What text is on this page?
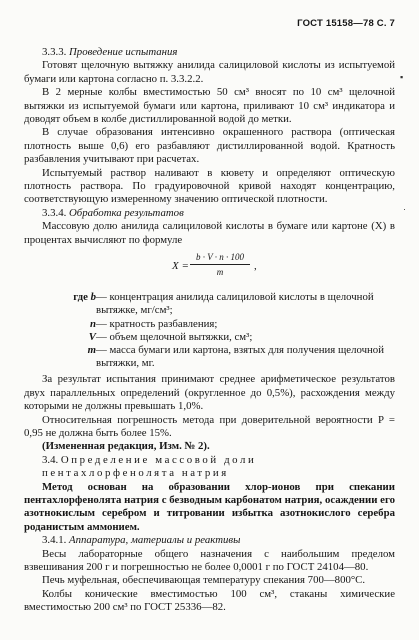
ГОСТ 15158—78 С. 7
3.3.3. Проведение испытания

Готовят щелочную вытяжку анилида салициловой кислоты из испытуемой бумаги или картона согласно п. 3.3.2.2.

В 2 мерные колбы вместимостью 50 см³ вносят по 10 см³ щелочной вытяжки из испытуемой бумаги или картона, приливают 10 см³ индикатора и доводят объем в колбе дистиллированной водой до метки.

В случае образования интенсивно окрашенного раствора (оптическая плотность выше 0,6) его разбавляют дистиллированной водой. Кратность разбавления учитывают при расчетах.

Испытуемый раствор наливают в кювету и определяют оптическую плотность раствора. По градуировочной кривой находят концентрацию, соответствующую измеренному значению оптической плотности.

3.3.4. Обработка результатов

Массовую долю анилида салициловой кислоты в бумаге или картоне (X) в процентах вычисляют по формуле

$X = \frac{b \cdot V \cdot n \cdot 100}{m}$ ,
где b	— концентрация анилида салициловой кислоты в щелочной вытяжке, мг/см³;
n	— кратность разбавления;
V	— объем щелочной вытяжки, см³;
m	— масса бумаги или картона, взятых для получения щелочной вытяжки, мг.

За результат испытания принимают среднее арифметическое результатов двух параллельных определений (округленное до 0,5%), расхождения между которыми не должны превышать 1,0%.

Относительная погрешность метода при доверительной вероятности P = 0,95 не должна быть более 15%.

(Измененная редакция, Изм. № 2).

3.4. Определение массовой доли пентахлорфенолята натрия

Метод основан на образовании хлор-ионов при спекании пентахлорфенолята натрия с безводным карбонатом натрия, осаждении его азотнокислым серебром и титровании избытка азотнокислого серебра роданистым аммонием.

3.4.1. Аппаратура, материалы и реактивы

Весы лабораторные общего назначения с наибольшим пределом взвешивания 200 г и погрешностью не более 0,0001 г по ГОСТ 24104—80.

Печь муфельная, обеспечивающая температуру спекания 700—800°С.

Колбы конические вместимостью 100 см³, стаканы химические вместимостью 200 см³ по ГОСТ 25336—82.

▪
·
